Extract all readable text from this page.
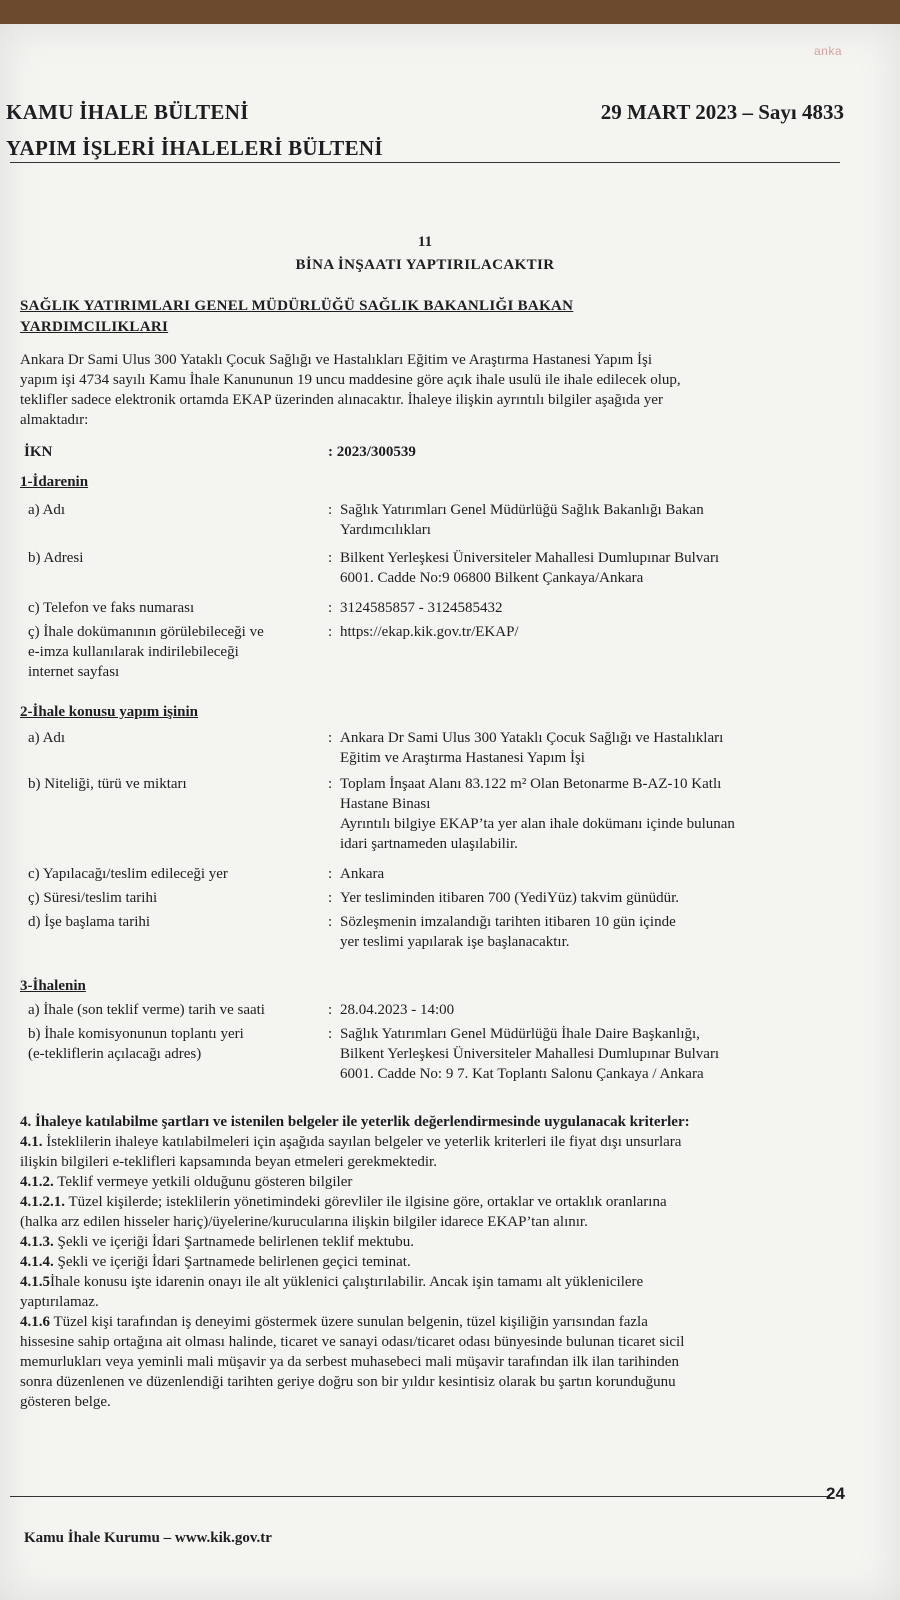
anka
KAMU İHALE BÜLTENİ
YAPIM İŞLERİ İHALELERİ BÜLTENİ
29 MART 2023 – Sayı 4833
11
BİNA İNŞAATI YAPTIRILACAKTIR
SAĞLIK YATIRIMLARI GENEL MÜDÜRLÜĞÜ SAĞLIK BAKANLIĞI BAKAN YARDIMCILIKLARI
Ankara Dr Sami Ulus 300 Yataklı Çocuk Sağlığı ve Hastalıkları Eğitim ve Araştırma Hastanesi Yapım İşi
yapım işi 4734 sayılı Kamu İhale Kanununun 19 uncu maddesine göre açık ihale usulü ile ihale edilecek olup,
teklifler sadece elektronik ortamda EKAP üzerinden alınacaktır. İhaleye ilişkin ayrıntılı bilgiler aşağıda yer
almaktadır:
İKN	: 2023/300539
1-İdarenin
a) Adı	: Sağlık Yatırımları Genel Müdürlüğü Sağlık Bakanlığı Bakan
Yardımcılıkları
b) Adresi	: Bilkent Yerleşkesi Üniversiteler Mahallesi Dumlupınar Bulvarı
6001. Cadde No:9 06800 Bilkent Çankaya/Ankara
c) Telefon ve faks numarası	: 3124585857 - 3124585432
ç) İhale dokümanının görülebileceği ve
e-imza kullanılarak indirilebileceği
internet sayfası
: https://ekap.kik.gov.tr/EKAP/
2-İhale konusu yapım işinin
a) Adı	: Ankara Dr Sami Ulus 300 Yataklı Çocuk Sağlığı ve Hastalıkları
Eğitim ve Araştırma Hastanesi Yapım İşi
b) Niteliği, türü ve miktarı	: Toplam İnşaat Alanı 83.122 m² Olan Betonarme B-AZ-10 Katlı
Hastane Binası
Ayrıntılı bilgiye EKAP’ta yer alan ihale dokümanı içinde bulunan
idari şartnameden ulaşılabilir.
c) Yapılacağı/teslim edileceği yer	: Ankara
ç) Süresi/teslim tarihi	: Yer tesliminden itibaren 700 (YediYüz) takvim günüdür.
d) İşe başlama tarihi	: Sözleşmenin imzalandığı tarihten itibaren 10 gün içinde
yer teslimi yapılarak işe başlanacaktır.
3-İhalenin
a) İhale (son teklif verme) tarih ve saati	: 28.04.2023 - 14:00
b) İhale komisyonunun toplantı yeri
(e-tekliflerin açılacağı adres)
: Sağlık Yatırımları Genel Müdürlüğü İhale Daire Başkanlığı,
Bilkent Yerleşkesi Üniversiteler Mahallesi Dumlupınar Bulvarı
6001. Cadde No: 9 7. Kat Toplantı Salonu Çankaya / Ankara

4. İhaleye katılabilme şartları ve istenilen belgeler ile yeterlik değerlendirmesinde uygulanacak kriterler:

4.1. İsteklilerin ihaleye katılabilmeleri için aşağıda sayılan belgeler ve yeterlik kriterleri ile fiyat dışı unsurlara

ilişkin bilgileri e-teklifleri kapsamında beyan etmeleri gerekmektedir.

4.1.2. Teklif vermeye yetkili olduğunu gösteren bilgiler

4.1.2.1. Tüzel kişilerde; isteklilerin yönetimindeki görevliler ile ilgisine göre, ortaklar ve ortaklık oranlarına

(halka arz edilen hisseler hariç)/üyelerine/kurucularına ilişkin bilgiler idarece EKAP’tan alınır.

4.1.3. Şekli ve içeriği İdari Şartnamede belirlenen teklif mektubu.

4.1.4. Şekli ve içeriği İdari Şartnamede belirlenen geçici teminat.

4.1.5İhale konusu işte idarenin onayı ile alt yüklenici çalıştırılabilir. Ancak işin tamamı alt yüklenicilere

yaptırılamaz.

4.1.6 Tüzel kişi tarafından iş deneyimi göstermek üzere sunulan belgenin, tüzel kişiliğin yarısından fazla

hissesine sahip ortağına ait olması halinde, ticaret ve sanayi odası/ticaret odası bünyesinde bulunan ticaret sicil

memurlukları veya yeminli mali müşavir ya da serbest muhasebeci mali müşavir tarafından ilk ilan tarihinden

sonra düzenlenen ve düzenlendiği tarihten geriye doğru son bir yıldır kesintisiz olarak bu şartın korunduğunu

gösteren belge.

24
Kamu İhale Kurumu – www.kik.gov.tr
